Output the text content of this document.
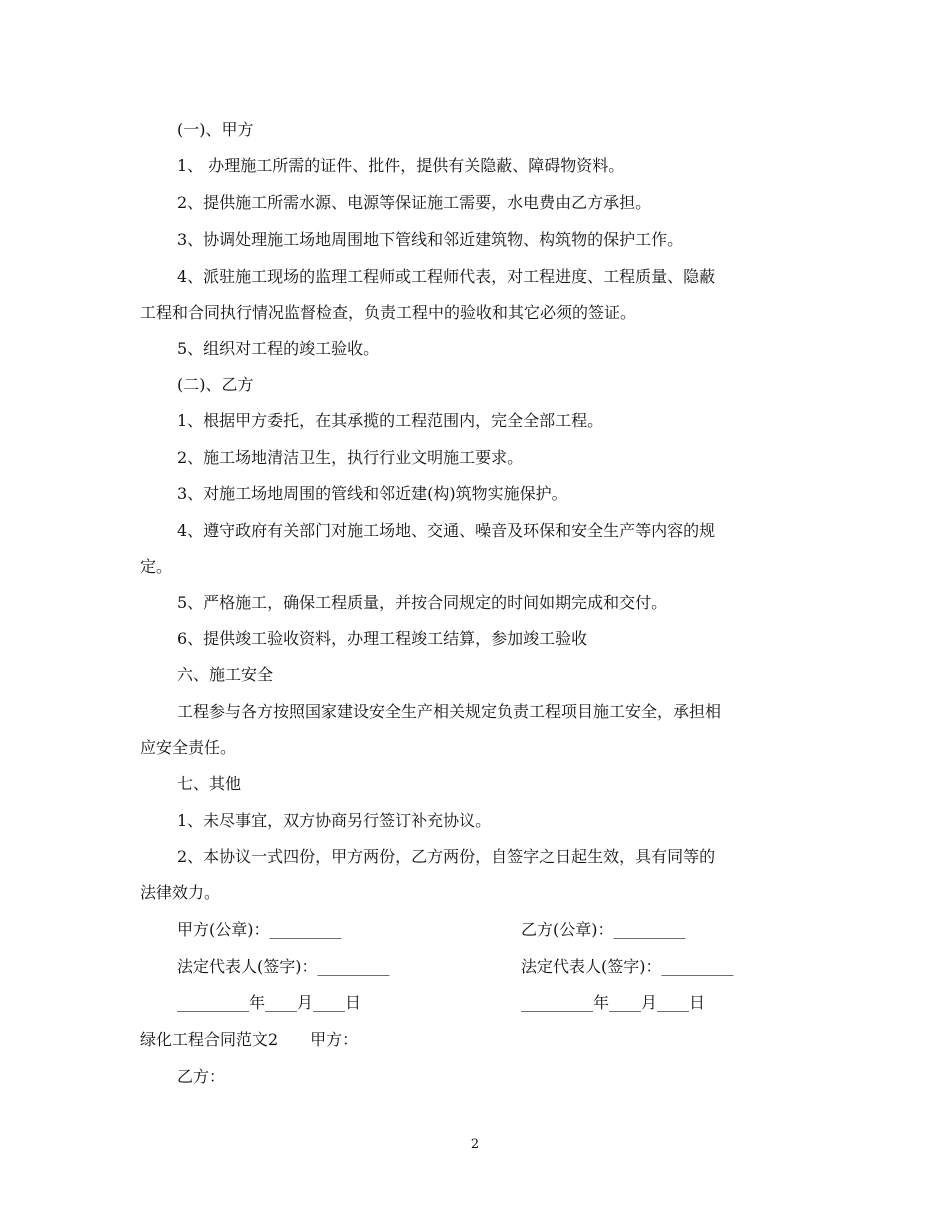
(一)、甲方

1、 办理施工所需的证件、批件，提供有关隐蔽、障碍物资料。

2、提供施工所需水源、电源等保证施工需要，水电费由乙方承担。

3、协调处理施工场地周围地下管线和邻近建筑物、构筑物的保护工作。

4、派驻施工现场的监理工程师或工程师代表，对工程进度、工程质量、隐蔽

工程和合同执行情况监督检查，负责工程中的验收和其它必须的签证。

5、组织对工程的竣工验收。

(二)、乙方

1、根据甲方委托，在其承揽的工程范围内，完全全部工程。

2、施工场地清洁卫生，执行行业文明施工要求。

3、对施工场地周围的管线和邻近建(构)筑物实施保护。

4、遵守政府有关部门对施工场地、交通、噪音及环保和安全生产等内容的规

定。

5、严格施工，确保工程质量，并按合同规定的时间如期完成和交付。

6、提供竣工验收资料，办理工程竣工结算，参加竣工验收

六、施工安全

工程参与各方按照国家建设安全生产相关规定负责工程项目施工安全，承担相

应安全责任。

七、其他

1、未尽事宜，双方协商另行签订补充协议。

2、本协议一式四份，甲方两份，乙方两份，自签字之日起生效，具有同等的

法律效力。

甲方(公章)：_________	乙方(公章)：_________
法定代表人(签字)：_________	法定代表人(签字)：_________
_________年____月____日	_________年____月____日

绿化工程合同范文2　　甲方：

乙方：

2
